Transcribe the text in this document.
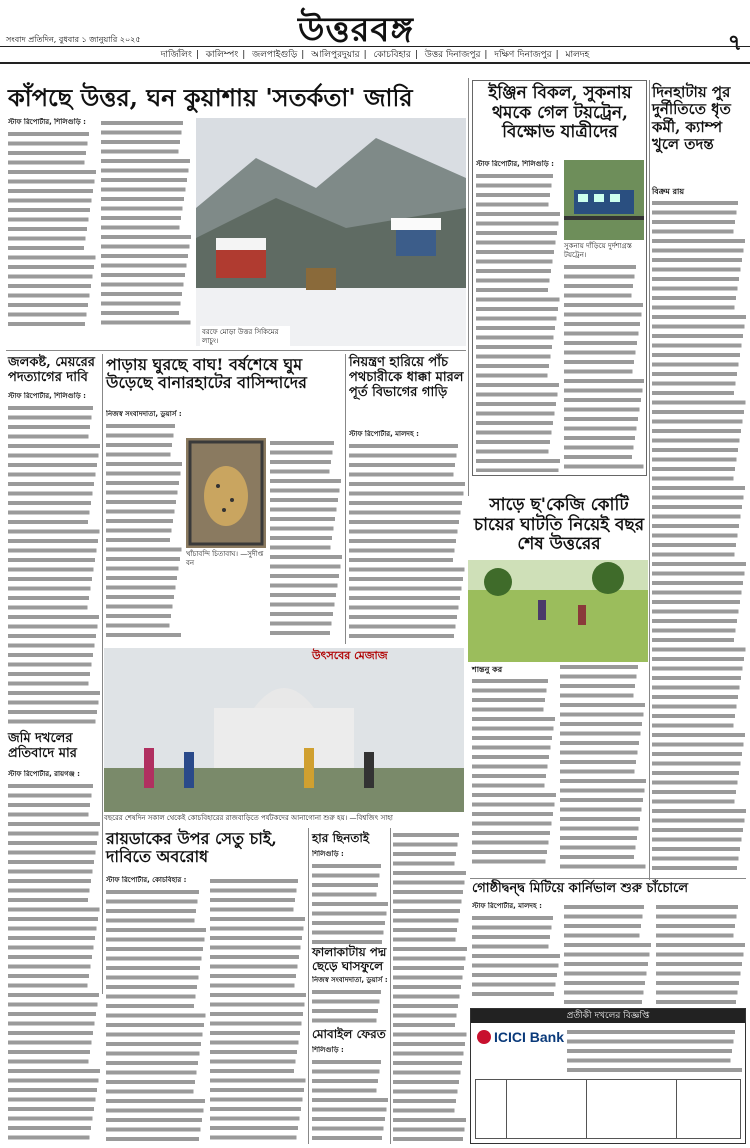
সংবাদ প্রতিদিন, বুধবার ১ জানুয়ারি ২০২৫	উত্তরবঙ্গ	৭
দার্জিলিং | কালিম্পং | জলপাইগুড়ি | আলিপুরদুয়ার | কোচবিহার | উত্তর দিনাজপুর | দক্ষিণ দিনাজপুর | মালদহ
কাঁপছে উত্তর, ঘন কুয়াশায় 'সতর্কতা' জারি
স্টাফ রিপোর্টার, শিলিগুড়ি :
বরফে মোড়া উত্তর সিকিমের লাচুং।
ইঞ্জিন বিকল, সুকনায় থমকে গেল টয়ট্রেন, বিক্ষোভ যাত্রীদের
স্টাফ রিপোর্টার, শিলিগুড়ি :
সুকনায় দাঁড়িয়ে দুর্দশাগ্রস্ত টয়ট্রেন।
দিনহাটায় পুর দুর্নীতিতে ধৃত কর্মী, ক্যাম্প খুলে তদন্ত
বিক্রম রায়
জলকষ্ট, মেয়রের পদত্যাগের দাবি
স্টাফ রিপোর্টার, শিলিগুড়ি :
পাড়ায় ঘুরছে বাঘ! বর্ষশেষে ঘুম উড়েছে বানারহাটের বাসিন্দাদের
নিজস্ব সংবাদদাতা, ডুয়ার্স :
খাঁচাবন্দি চিতাবাঘ। —সুদীপ্ত বন
নিয়ন্ত্রণ হারিয়ে পাঁচ পথচারীকে ধাক্কা মারল পূর্ত বিভাগের গাড়ি
স্টাফ রিপোর্টার, মালদহ :
সাড়ে ছ'কেজি কোটি চায়ের ঘাটতি নিয়েই বছর শেষ উত্তরের
শান্তনু কর
উৎসবের মেজাজ
বছরের শেষদিন সকাল থেকেই কোচবিহারের রাজবাড়িতে পর্যটকদের আনাগোনা শুরু হয়। —বিশ্বজিৎ সাহা
জমি দখলের প্রতিবাদে মার
স্টাফ রিপোর্টার, রায়গঞ্জ :
রায়ডাকের উপর সেতু চাই, দাবিতে অবরোধ
স্টাফ রিপোর্টার, কোচবিহার :
হার ছিনতাই
শিলিগুড়ি :
ফালাকাটায় পদ্ম ছেড়ে ঘাসফুলে
নিজস্ব সংবাদদাতা, ডুয়ার্স :
মোবাইল ফেরত
শিলিগুড়ি :
গোষ্ঠীদ্বন্দ্ব মিটিয়ে কার্নিভাল শুরু চাঁচোলে
স্টাফ রিপোর্টার, মালদহ :
প্রতীকী দখলের বিজ্ঞপ্তি
ICICI Bank
